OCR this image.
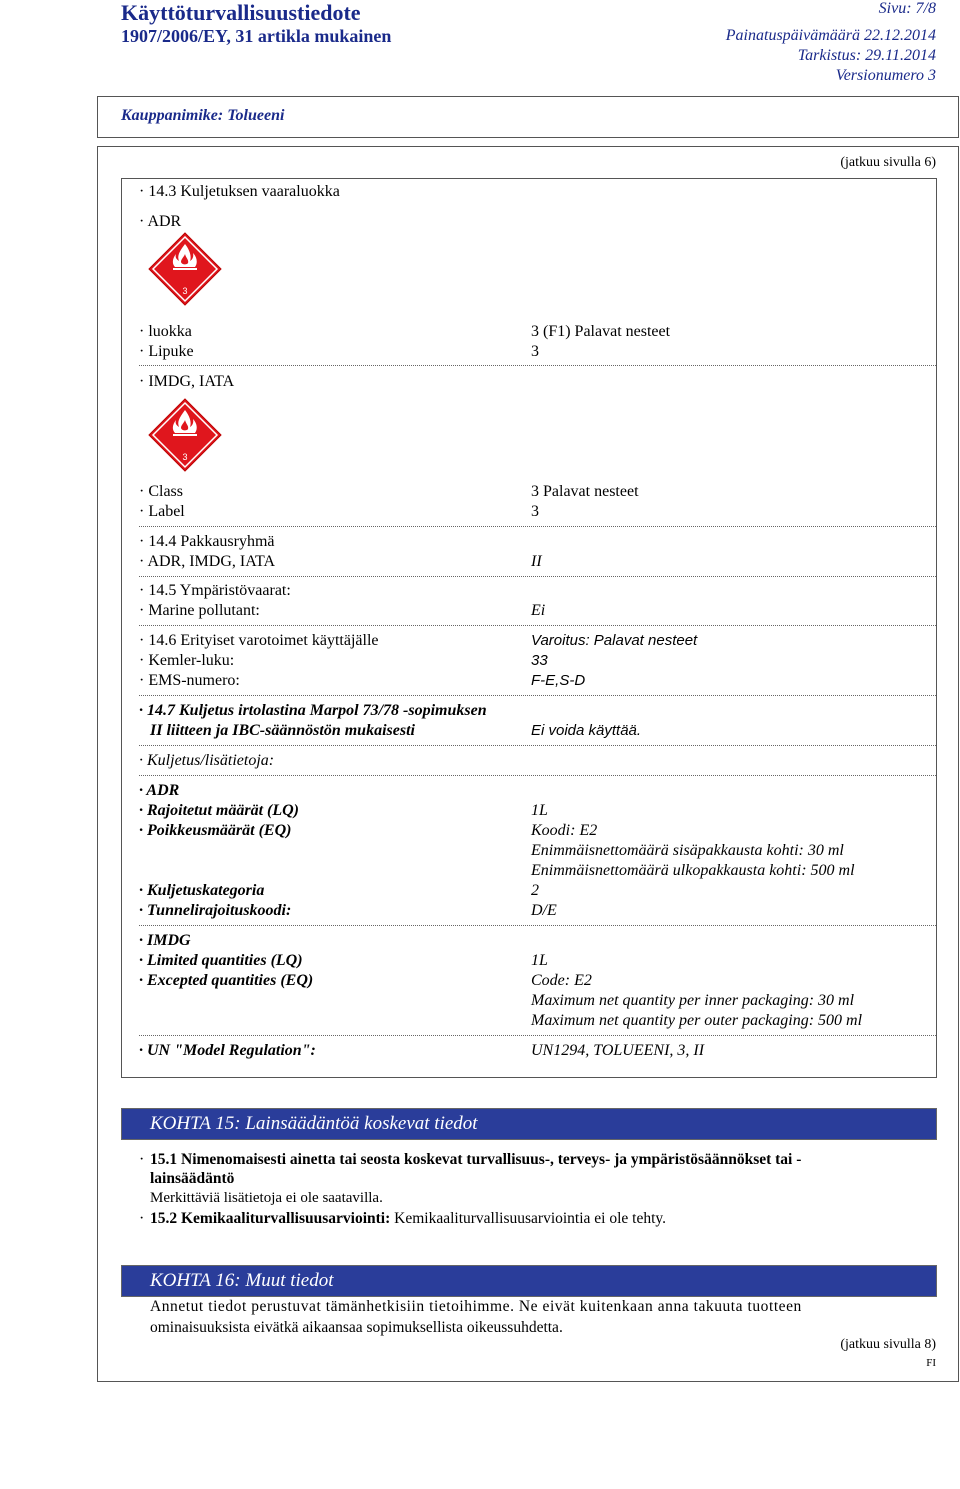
Käyttöturvallisuustiedote
1907/2006/EY, 31 artikla mukainen
Sivu: 7/8
Painatuspäivämäärä 22.12.2014
Tarkistus: 29.11.2014
Versionumero 3
Kauppanimike: Tolueeni
(jatkuu sivulla 6)
· 14.3 Kuljetuksen vaaraluokka
· ADR
3
· luokka	3 (F1) Palavat nesteet
· Lipuke	3
· IMDG, IATA
3
· Class	3 Palavat nesteet
· Label	3
· 14.4 Pakkausryhmä
· ADR, IMDG, IATA	II
· 14.5 Ympäristövaarat:
· Marine pollutant:	Ei
· 14.6 Erityiset varotoimet käyttäjälle	Varoitus: Palavat nesteet
· Kemler-luku:	33
· EMS-numero:	F-E,S-D
· 14.7 Kuljetus irtolastina Marpol 73/78 -sopimuksen
II liitteen ja IBC-säännöstön mukaisesti	Ei voida käyttää.
· Kuljetus/lisätietoja:
· ADR
· Rajoitetut määrät (LQ)	1L
· Poikkeusmäärät (EQ)	Koodi: E2
Enimmäisnettomäärä sisäpakkausta kohti: 30 ml
Enimmäisnettomäärä ulkopakkausta kohti: 500 ml
· Kuljetuskategoria	2
· Tunnelirajoituskoodi:	D/E
· IMDG
· Limited quantities (LQ)	1L
· Excepted quantities (EQ)	Code: E2
Maximum net quantity per inner packaging: 30 ml
Maximum net quantity per outer packaging: 500 ml
· UN "Model Regulation":	UN1294, TOLUEENI, 3, II
KOHTA 15: Lainsäädäntöä koskevat tiedot
· 15.1 Nimenomaisesti ainetta tai seosta koskevat turvallisuus-, terveys- ja ympäristösäännökset tai -
lainsäädäntö
Merkittäviä lisätietoja ei ole saatavilla.
· 15.2 Kemikaaliturvallisuusarviointi: Kemikaaliturvallisuusarviointia ei ole tehty.
KOHTA 16: Muut tiedot
Annetut tiedot perustuvat tämänhetkisiin tietoihimme. Ne eivät kuitenkaan anna takuuta tuotteen
ominaisuuksista eivätkä aikaansaa sopimuksellista oikeussuhdetta.
(jatkuu sivulla 8)
FI
